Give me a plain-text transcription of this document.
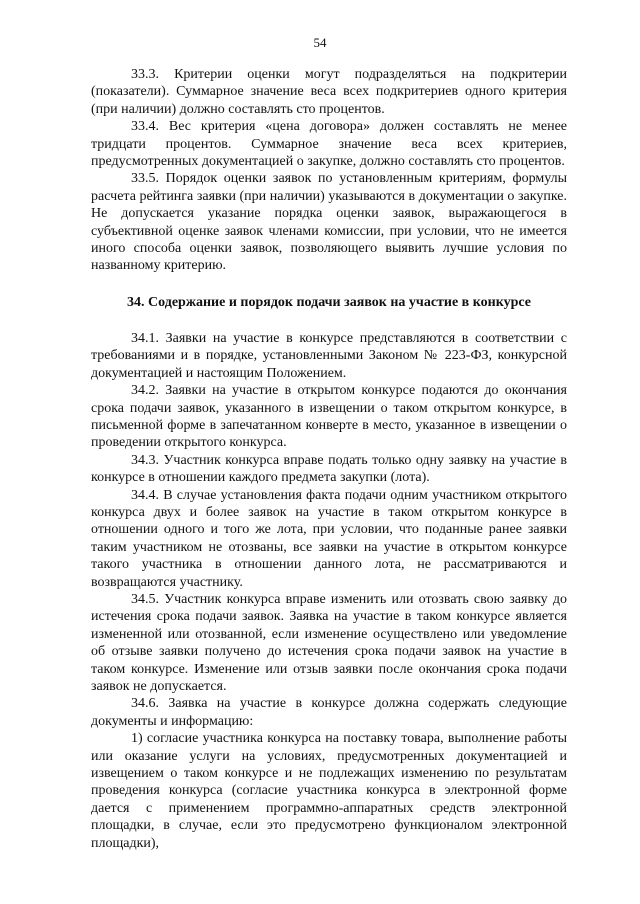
54

33.3. Критерии оценки могут подразделяться на подкритерии (показатели). Суммарное значение веса всех подкритериев одного критерия (при наличии) должно составлять сто процентов.

33.4. Вес критерия «цена договора» должен составлять не менее тридцати процентов. Суммарное значение веса всех критериев, предусмотренных документацией о закупке, должно составлять сто процентов.

33.5. Порядок оценки заявок по установленным критериям, формулы расчета рейтинга заявки (при наличии) указываются в документации о закупке. Не допускается указание порядка оценки заявок, выражающегося в субъективной оценке заявок членами комиссии, при условии, что не имеется иного способа оценки заявок, позволяющего выявить лучшие условия по названному критерию.

34. Содержание и порядок подачи заявок на участие в конкурсе

34.1. Заявки на участие в конкурсе представляются в соответствии с требованиями и в порядке, установленными Законом № 223-ФЗ, конкурсной документацией и настоящим Положением.

34.2. Заявки на участие в открытом конкурсе подаются до окончания срока подачи заявок, указанного в извещении о таком открытом конкурсе, в письменной форме в запечатанном конверте в место, указанное в извещении о проведении открытого конкурса.

34.3. Участник конкурса вправе подать только одну заявку на участие в конкурсе в отношении каждого предмета закупки (лота).

34.4. В случае установления факта подачи одним участником открытого конкурса двух и более заявок на участие в таком открытом конкурсе в отношении одного и того же лота, при условии, что поданные ранее заявки таким участником не отозваны, все заявки на участие в открытом конкурсе такого участника в отношении данного лота, не рассматриваются и возвращаются участнику.

34.5. Участник конкурса вправе изменить или отозвать свою заявку до истечения срока подачи заявок. Заявка на участие в таком конкурсе является измененной или отозванной, если изменение осуществлено или уведомление об отзыве заявки получено до истечения срока подачи заявок на участие в таком конкурсе. Изменение или отзыв заявки после окончания срока подачи заявок не допускается.

34.6. Заявка на участие в конкурсе должна содержать следующие документы и информацию:

1) согласие участника конкурса на поставку товара, выполнение работы или оказание услуги на условиях, предусмотренных документацией и извещением о таком конкурсе и не подлежащих изменению по результатам проведения конкурса (согласие участника конкурса в электронной форме дается с применением программно-аппаратных средств электронной площадки, в случае, если это предусмотрено функционалом электронной площадки),
